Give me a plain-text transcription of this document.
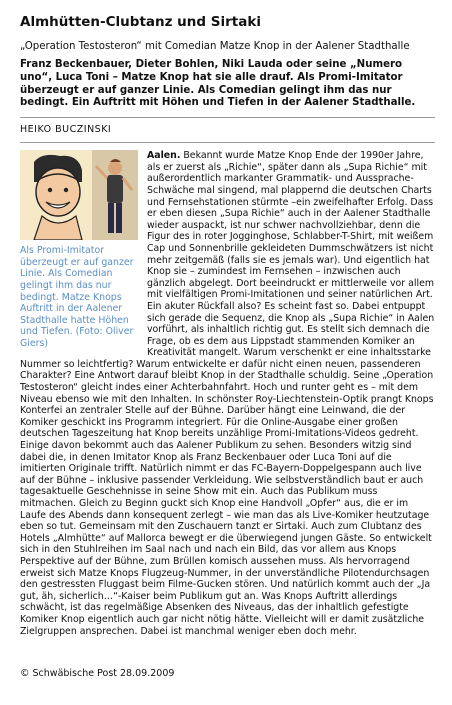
Almhütten-Clubtanz und Sirtaki
„Operation Testosteron“ mit Comedian Matze Knop in der Aalener Stadthalle
Franz Beckenbauer, Dieter Bohlen, Niki Lauda oder seine „Numero uno“, Luca Toni – Matze Knop hat sie alle drauf. Als Promi-Imitator überzeugt er auf ganzer Linie. Als Comedian gelingt ihm das nur bedingt. Ein Auftritt mit Höhen und Tiefen in der Aalener Stadthalle.
HEIKO BUCZINSKI
Als Promi-Imitator überzeugt er auf ganzer Linie. Als Comedian gelingt ihm das nur bedingt. Matze Knops Auftritt in der Aalener Stadthalle hatte Höhen und Tiefen. (Foto: Oliver Giers)

Aalen. Bekannt wurde Matze Knop Ende der 1990er Jahre, als er zuerst als „Richie“, später dann als „Supa Richie“ mit außerordentlich markanter Grammatik- und Aussprache-Schwäche mal singend, mal plappernd die deutschen Charts und Fernsehstationen stürmte –ein zweifelhafter Erfolg. Dass er eben diesen „Supa Richie“ auch in der Aalener Stadthalle wieder auspackt, ist nur schwer nachvollziehbar, denn die Figur des in roter Jogginghose, Schlabber-T-Shirt, mit weißem Cap und Sonnenbrille gekleideten Dummschwätzers ist nicht mehr zeitgemäß (falls sie es jemals war). Und eigentlich hat Knop sie – zumindest im Fernsehen – inzwischen auch gänzlich abgelegt. Dort beeindruckt er mittlerweile vor allem mit vielfältigen Promi-Imitationen und seiner natürlichen Art. Ein akuter Rückfall also? Es scheint fast so. Dabei entpuppt sich gerade die Sequenz, die Knop als „Supa Richie“ in Aalen vorführt, als inhaltlich richtig gut. Es stellt sich demnach die Frage, ob es dem aus Lippstadt stammenden Komiker an Kreativität mangelt. Warum verschenkt er eine inhaltsstarke Nummer so leichtfertig? Warum entwickelte er dafür nicht einen neuen, passenderen Charakter? Eine Antwort darauf bleibt Knop in der Stadthalle schuldig. Seine „Operation Testosteron“ gleicht indes einer Achterbahnfahrt. Hoch und runter geht es – mit dem Niveau ebenso wie mit den Inhalten. In schönster Roy-Liechtenstein-Optik prangt Knops Konterfei an zentraler Stelle auf der Bühne. Darüber hängt eine Leinwand, die der Komiker geschickt ins Programm integriert. Für die Online-Ausgabe einer großen deutschen Tageszeitung hat Knop bereits unzählige Promi-Imitations-Videos gedreht. Einige davon bekommt auch das Aalener Publikum zu sehen. Besonders witzig sind dabei die, in denen Imitator Knop als Franz Beckenbauer oder Luca Toni auf die imitierten Originale trifft. Natürlich nimmt er das FC-Bayern-Doppelgespann auch live auf der Bühne – inklusive passender Verkleidung. Wie selbstverständlich baut er auch tagesaktuelle Geschehnisse in seine Show mit ein. Auch das Publikum muss mitmachen. Gleich zu Beginn guckt sich Knop eine Handvoll „Opfer“ aus, die er im Laufe des Abends dann konsequent zerlegt – wie man das als Live-Komiker heutzutage eben so tut. Gemeinsam mit den Zuschauern tanzt er Sirtaki. Auch zum Clubtanz des Hotels „Almhütte“ auf Mallorca bewegt er die überwiegend jungen Gäste. So entwickelt sich in den Stuhlreihen im Saal nach und nach ein Bild, das vor allem aus Knops Perspektive auf der Bühne, zum Brüllen komisch aussehen muss. Als hervorragend erweist sich Matze Knops Flugzeug-Nummer, in der unverständliche Pilotendurchsagen den gestressten Fluggast beim Filme-Gucken stören. Und natürlich kommt auch der „Ja gut, äh, sicherlich…“-Kaiser beim Publikum gut an. Was Knops Auftritt allerdings schwächt, ist das regelmäßige Absenken des Niveaus, das der inhaltlich gefestigte Komiker Knop eigentlich auch gar nicht nötig hätte. Vielleicht will er damit zusätzliche Zielgruppen ansprechen. Dabei ist manchmal weniger eben doch mehr.

© Schwäbische Post 28.09.2009
